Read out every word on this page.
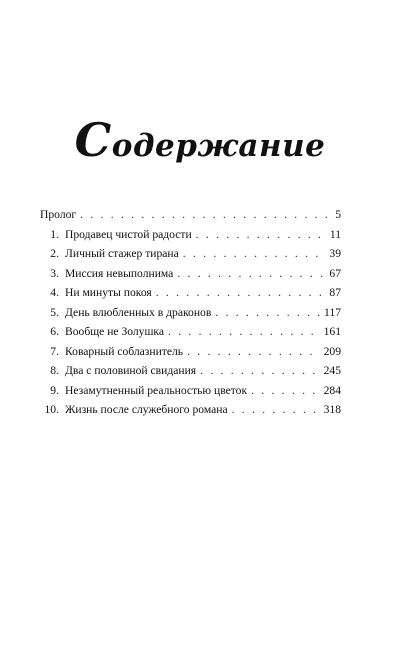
Содержание
Пролог . . .	5
1. Продавец чистой радости . . .	11
2. Личный стажер тирана . . .	39
3. Миссия невыполнима . . .	67
4. Ни минуты покоя . . .	87
5. День влюбленных в драконов . . .	117
6. Вообще не Золушка . . .	161
7. Коварный соблазнитель . . .	209
8. Два с половиной свидания . . .	245
9. Незамутненный реальностью цветок . . .	284
10. Жизнь после служебного романа . . .	318
